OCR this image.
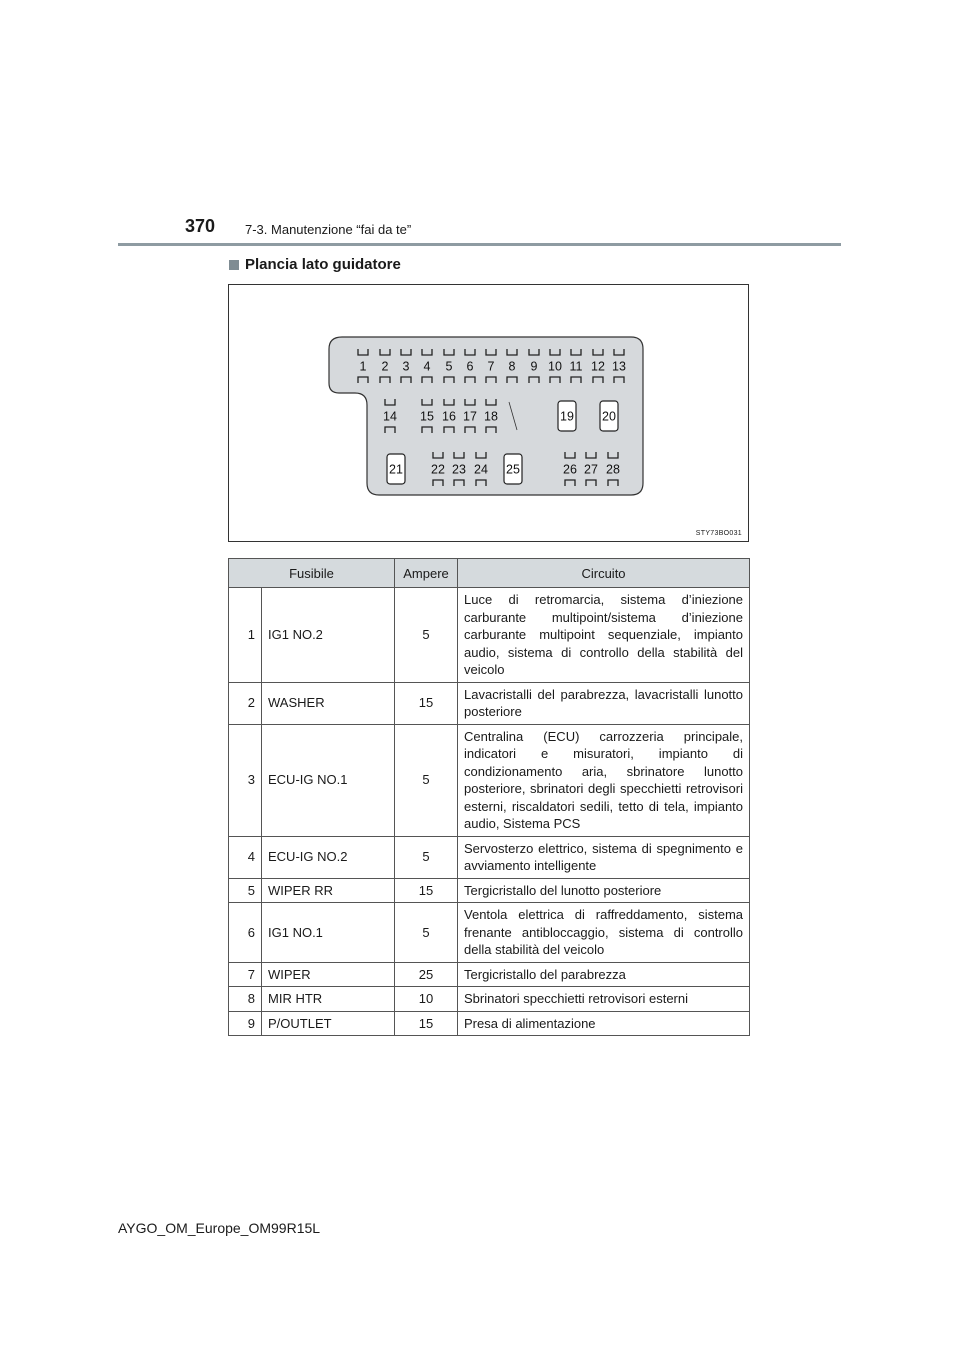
370 7-3. Manutenzione “fai da te”
Plancia lato guidatore
1 2 3 4 5 6 7 8 9 10 11 12 13
14 15 16 17 18	19 20
21 22 23 24 25	26 27 28
STY73BO031
Fusibile		Ampere	Circuito
1	IG1 NO.2	5	Luce di retromarcia, sistema d’iniezione carburante multipoint/sistema d’iniezione carburante multipoint sequenziale, impianto audio, sistema di controllo della stabilità del veicolo
2	WASHER	15	Lavacristalli del parabrezza, lavacristalli lunotto posteriore
3	ECU-IG NO.1	5	Centralina (ECU) carrozzeria principale, indicatori e misuratori, impianto di condizionamento aria, sbrinatore lunotto posteriore, sbrinatori degli specchietti retrovisori esterni, riscaldatori sedili, tetto di tela, impianto audio, Sistema PCS
4	ECU-IG NO.2	5	Servosterzo elettrico, sistema di spegnimento e avviamento intelligente
5	WIPER RR	15	Tergicristallo del lunotto posteriore
6	IG1 NO.1	5	Ventola elettrica di raffreddamento, sistema frenante antibloccaggio, sistema di controllo della stabilità del veicolo
7	WIPER	25	Tergicristallo del parabrezza
8	MIR HTR	10	Sbrinatori specchietti retrovisori esterni
9	P/OUTLET	15	Presa di alimentazione
AYGO_OM_Europe_OM99R15L
